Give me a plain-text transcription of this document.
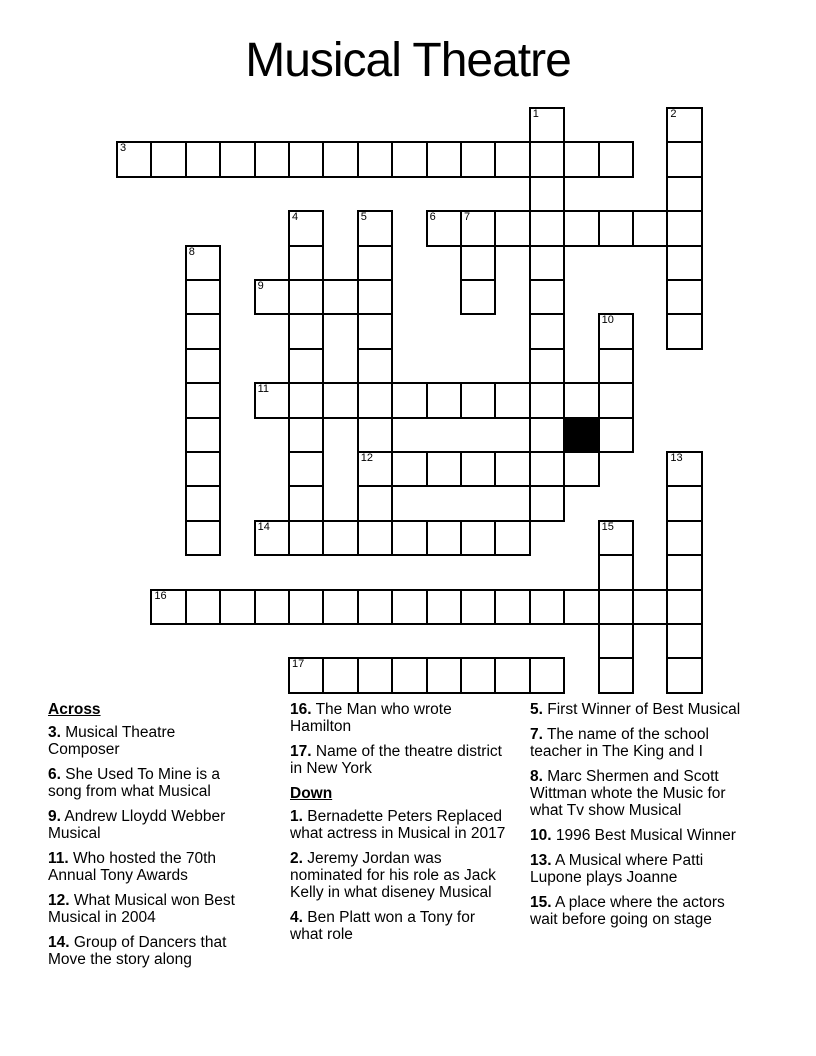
Musical Theatre
1	2
3
4	5	6	7
8
9
10
11
12	13
14	15
16
17
Across

3. Musical Theatre Composer

6. She Used To Mine is a song from what Musical

9. Andrew Lloydd Webber Musical

11. Who hosted the 70th Annual Tony Awards

12. What Musical won Best Musical in 2004

14. Group of Dancers that Move the story along

16. The Man who wrote Hamilton

17. Name of the theatre district in New York

Down

1. Bernadette Peters Replaced what actress in Musical in 2017

2. Jeremy Jordan was nominated for his role as Jack Kelly in what diseney Musical

4. Ben Platt won a Tony for what role

5. First Winner of Best Musical

7. The name of the school teacher in The King and I

8. Marc Shermen and Scott Wittman whote the Music for what Tv show Musical

10. 1996 Best Musical Winner

13. A Musical where Patti Lupone plays Joanne

15. A place where the actors wait before going on stage
